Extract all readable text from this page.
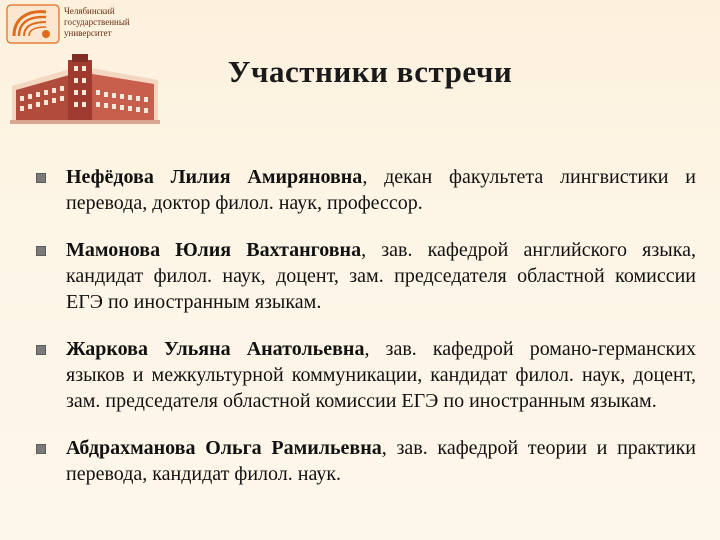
Челябинский
государственный
университет
Участники встречи
Нефёдова Лилия Амиряновна, декан факультета лингвистики и перевода, доктор филол. наук, профессор.
Мамонова Юлия Вахтанговна, зав. кафедрой английского языка, кандидат филол. наук, доцент, зам. председателя областной комиссии ЕГЭ по иностранным языкам.
Жаркова Ульяна Анатольевна, зав. кафедрой романо-германских языков и межкультурной коммуникации, кандидат филол. наук, доцент, зам. председателя областной комиссии ЕГЭ по иностранным языкам.
Абдрахманова Ольга Рамильевна, зав. кафедрой теории и практики перевода, кандидат филол. наук.
